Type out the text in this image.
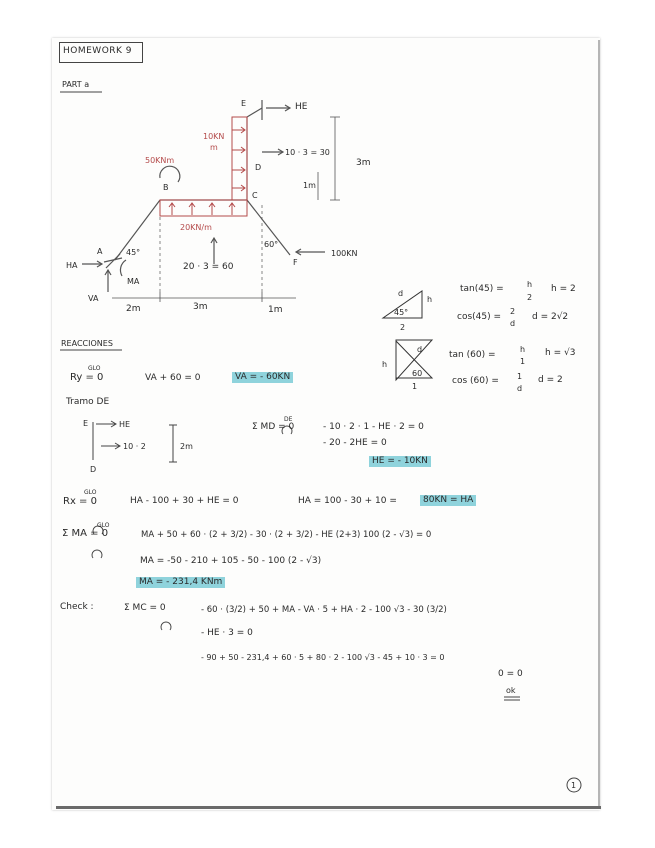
HOMEWORK 9
PART a
E	HE
10KN
m
10 · 3 = 30
D
50KNm
B
C
3m
1m
20KN/m
20 · 3 = 60
45°
A
HA
MA
VA
60°
F
100KN
2m	3m	1m
d
h
45°
2
tan(45) =	h
2
h = 2
cos(45) =
2
d
d = 2√2
d
h
60
1
tan (60) =
h
1
h = √3
cos (60) = 1
d
d = 2
REACCIONES
GLO
Ry = 0	VA + 60 = 0	VA = - 60KN
Tramo DE
E	HE
10 · 2	2m
D
DE
Σ MD = 0	- 10 · 2 · 1 - HE · 2 = 0
- 20 - 2HE = 0
HE = - 10KN
GLO
Rx = 0	HA - 100 + 30 + HE = 0	HA = 100 - 30 + 10 =	80KN = HA
GLO
Σ MA = 0	MA + 50 + 60 · (2 + 3/2) - 30 · (2 + 3/2) - HE (2+3) 100 (2 - √3) = 0
MA = -50 - 210 + 105 - 50 - 100 (2 - √3)
MA = - 231,4 KNm
Check :	Σ MC = 0	- 60 · (3/2) + 50 + MA - VA · 5 + HA · 2 - 100 √3 - 30 (3/2)
- HE · 3 = 0
- 90 + 50 - 231,4 + 60 · 5 + 80 · 2 - 100 √3 - 45 + 10 · 3 = 0
0 = 0
ok
1
